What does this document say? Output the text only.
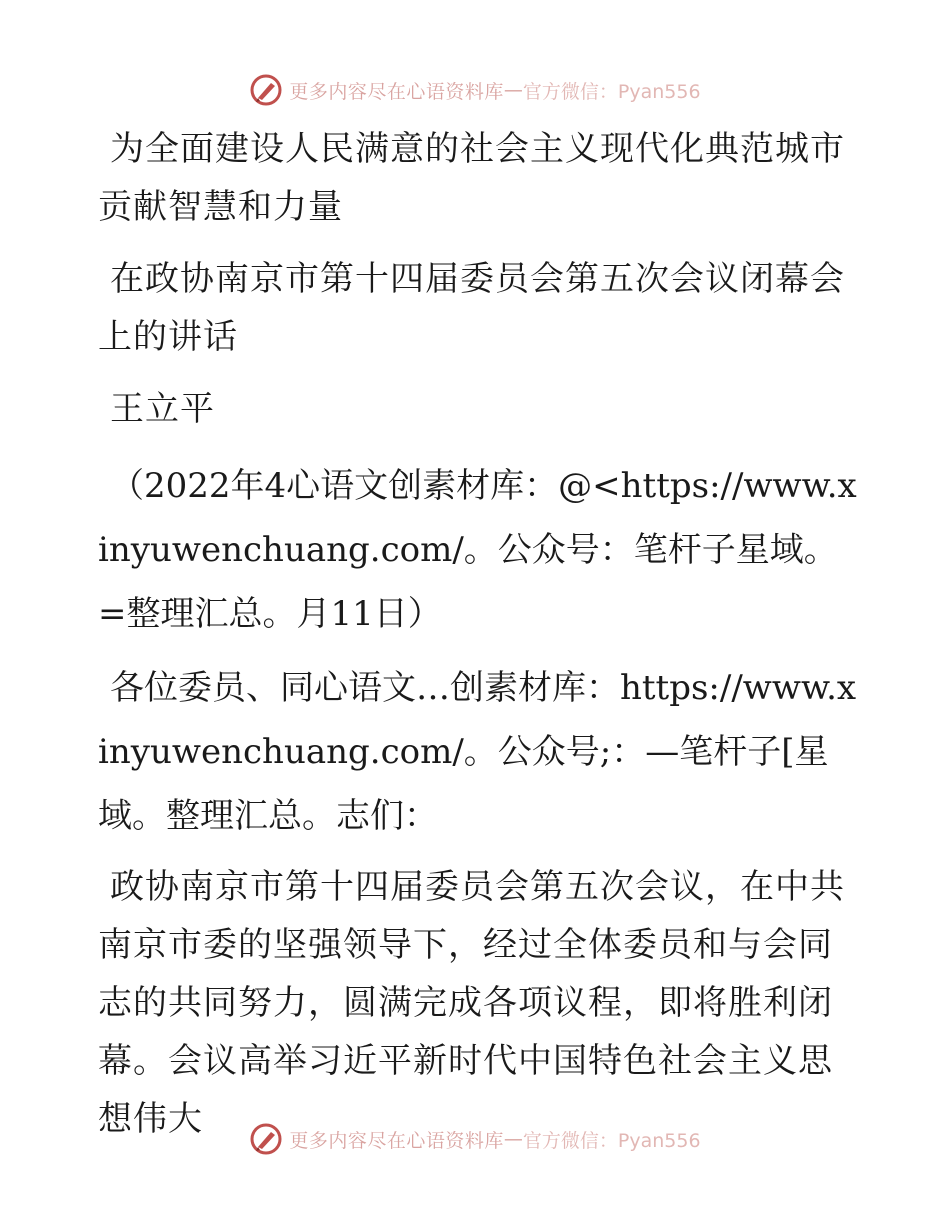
更多内容尽在心语资料库 — 官方微信：Pyan556

为全面建设人民满意的社会主义现代化典范城市贡献智慧和力量

在政协南京市第十四届委员会第五次会议闭幕会上的讲话

王立平

（2022年4心语文创素材库：@<https://www.xinyuwenchuang.com/。公众号：笔杆子星域。=整理汇总。月11日）

各位委员、同心语文…创素材库：https://www.xinyuwenchuang.com/。公众号;：—笔杆子[星域。整理汇总。志们：

政协南京市第十四届委员会第五次会议，在中共南京市委的坚强领导下，经过全体委员和与会同志的共同努力，圆满完成各项议程，即将胜利闭幕。会议高举习近平新时代中国特色社会主义思想伟大

更多内容尽在心语资料库 — 官方微信：Pyan556
